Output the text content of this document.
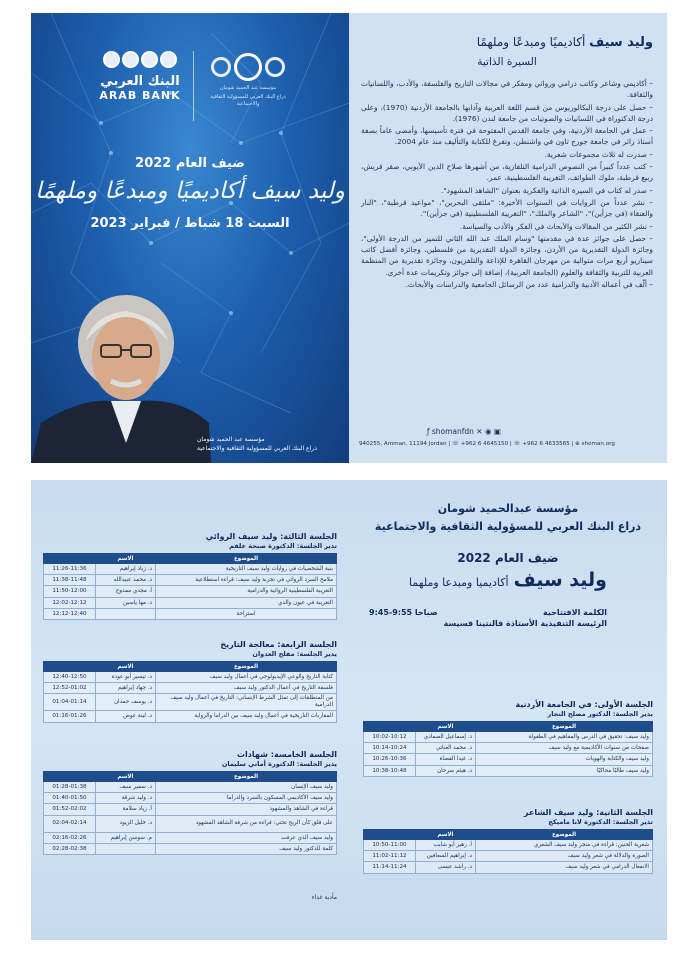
البنك العربي
ARAB BANK
مؤسسة عبد الحميد شومان
ذراع البنك العربي للمسؤولية الثقافية والاجتماعية
ضيف العام 2022
وليد سيف أكاديميًا ومبدعًا وملهمًا
السبت 18 شباط / فبراير 2023
مؤسسة عبد الحميد شومان
ذراع البنك العربي للمسؤولية الثقافية والاجتماعية
وليد سيف أكاديميًا ومبدعًا وملهمًا
السيرة الذاتية
– أكاديمي وشاعر وكاتب درامي وروائي ومفكر في مجالات التاريخ والفلسفة، والأدب، واللسانيات والثقافة.
– حصل على درجة البكالوريوس من قسم اللغة العربية وآدابها بالجامعة الأردنية (1970)، وعلى درجة الدكتوراة في اللسانيات والصوتيات من جامعة لندن (1976).
– عمل في الجامعة الأردنية، وفي جامعة القدس المفتوحة في فترة تأسيسها، وأمضى عاماً بصفة أستاذ زائر في جامعة جورج تاون في واشنطن، وتفرغ للكتابة والتأليف منذ عام 2004.
– صدرت له ثلاث مجموعات شعرية.
– كتب عدداً كبيراً من النصوص الدرامية التلفازية، من أشهرها صلاح الدين الأيوبي، صقر قريش، ربيع قرطبة، ملوك الطوائف، التغريبة الفلسطينية، عمر.
– صدر له كتاب في السيرة الذاتية والفكرية بعنوان "الشاهد المشهود".
– نشر عدداً من الروايات في السنوات الأخيرة: "ملتقى البحرين"، "مواعيد قرطبة"، "النار والعنقاء (في جزأين)"، "الشاعر والملك"، "التغريبة الفلسطينية (في جزأين)".
– نشر الكثير من المقالات والأبحاث في الفكر والأدب والسياسة.
– حصل على جوائز عدة في مقدمتها "وسام الملك عبد الله الثاني للتميز من الدرجة الأولى"، وجائزة الدولة التقديرية من الأردن، وجائزة الدولة التقديرية من فلسطين، وجائزة أفضل كاتب سيناريو أربع مرات متوالية من مهرجان القاهرة للإذاعة والتلفزيون، وجائزة تقديرية من المنظمة العربية للتربية والثقافة والعلوم (الجامعة العربية)، إضافة إلى جوائز وتكريمات عدة أخرى.
– ألّف في أعماله الأدبية والدرامية عدد من الرسائل الجامعية والدراسات والأبحاث.
▣ ◉ ✕ ƒ shomanfdn
940255, Amman, 11194 Jordan | ☏ +962 6 4645150 | ☏ +962 6 4633565 | ⊕ shoman.org
مؤسسة عبدالحميد شومان
ذراع البنك العربي للمسؤولية الثقافية والاجتماعية
ضيف العام 2022
وليد سيف أكاديميا ومبدعا وملهما
الكلمة الافتتاحية
9:45-9:55 صباحا
الرئيسة التنفيذية الأستاذة فالنتينا قسيسة
الجلسة الأولى: في الجامعة الأردنية
يدير الجلسة: الدكتور مصلح النجار
الموضوع	الاسم	
وليد سيف: تحقيق في الدرس والمفاهيم في الطفولة	د. إسماعيل الصمادي	10:02-10:12
صفحات من سنوات الأكاديمية مع وليد سيف	د. محمد العناتي	10:14-10:24
وليد سيف والكتابة والهويات	د. غيدا القضاة	10:26-10:36
وليد سيف طالبًا محاكيًا	د. هيثم سرحان	10:38-10:48
الجلسة الثانية: وليد سيف الشاعر
تدير الجلسة: الدكتورة لانا ماميكج
الموضوع	الاسم	
شعرية الحنين: قراءة في منجز وليد سيف الشعري	أ. زهير أبو شايب	10:50-11:00
الصورة والدلالة في شعر وليد سيف	د. إبراهيم السعافين	11:02-11:12
الانفعال الدرامي في شعر وليد سيف	د. راشد عيسى	11:14-11:24
الجلسة الثالثة: وليد سيف الروائي
تدير الجلسة: الدكتورة صبحة علقم
الموضوع	الاسم	
بنية الشخصيات في روايات وليد سيف التاريخية	د. زياد إبراهيم	11:26-11:36
ملامح السرد الروائي في تجربة وليد سيف: قراءة استطلاعية	د. محمد عبيدالله	11:38-11:48
التغريبة الفلسطينية الروائية والدرامية	أ. مجدي ممدوح	11:50-12:00
التغريبة في عيون والدي	د. مها ياسين	12:02-12:12
استراحة		12:12-12:40
الجلسة الرابعة: معالجة التاريخ
يدير الجلسة: مفلح العدوان
الموضوع	الاسم	
كتابة التاريخ والوعي الإيديولوجي في أعمال وليد سيف	د. تيسير أبو عودة	12:40-12:50
فلسفة التاريخ في أعمال الدكتور وليد سيف	د. جهاد إبراهيم	12:52-01:02
من المنطلقات إلى تمثل الشرط الإنساني: التاريخ في أعمال وليد سيف الدرامية	د. يوسف حمدان	01:04-01:14
المقاربات التاريخية في أعمال وليد سيف بين الدراما والرواية	د. لينة عوض	01:16-01:26
الجلسة الخامسة: شهادات
يدير الجلسة: الدكتورة أماني سليمان
الموضوع	الاسم	
وليد سيف الإنسان	د. سمير سيف	01:28-01:38
وليد سيف الأكاديمي المسكون بالسرد والدراما	د. وليد شرقة	01:40-01:50
قراءة في الشاهد والمشهود	أ. زياد سلامة	01:52-02:02
على قلق كأن الريح تحتي: قراءة من شرفة الشاهد المشهود	د. خليل الزيود	02:04-02:14
وليد سيف الذي عرفت	م. سوسن إبراهيم	02:16-02:26
كلمة للدكتور وليد سيف		02:28-02:38
مأدبة غداء
